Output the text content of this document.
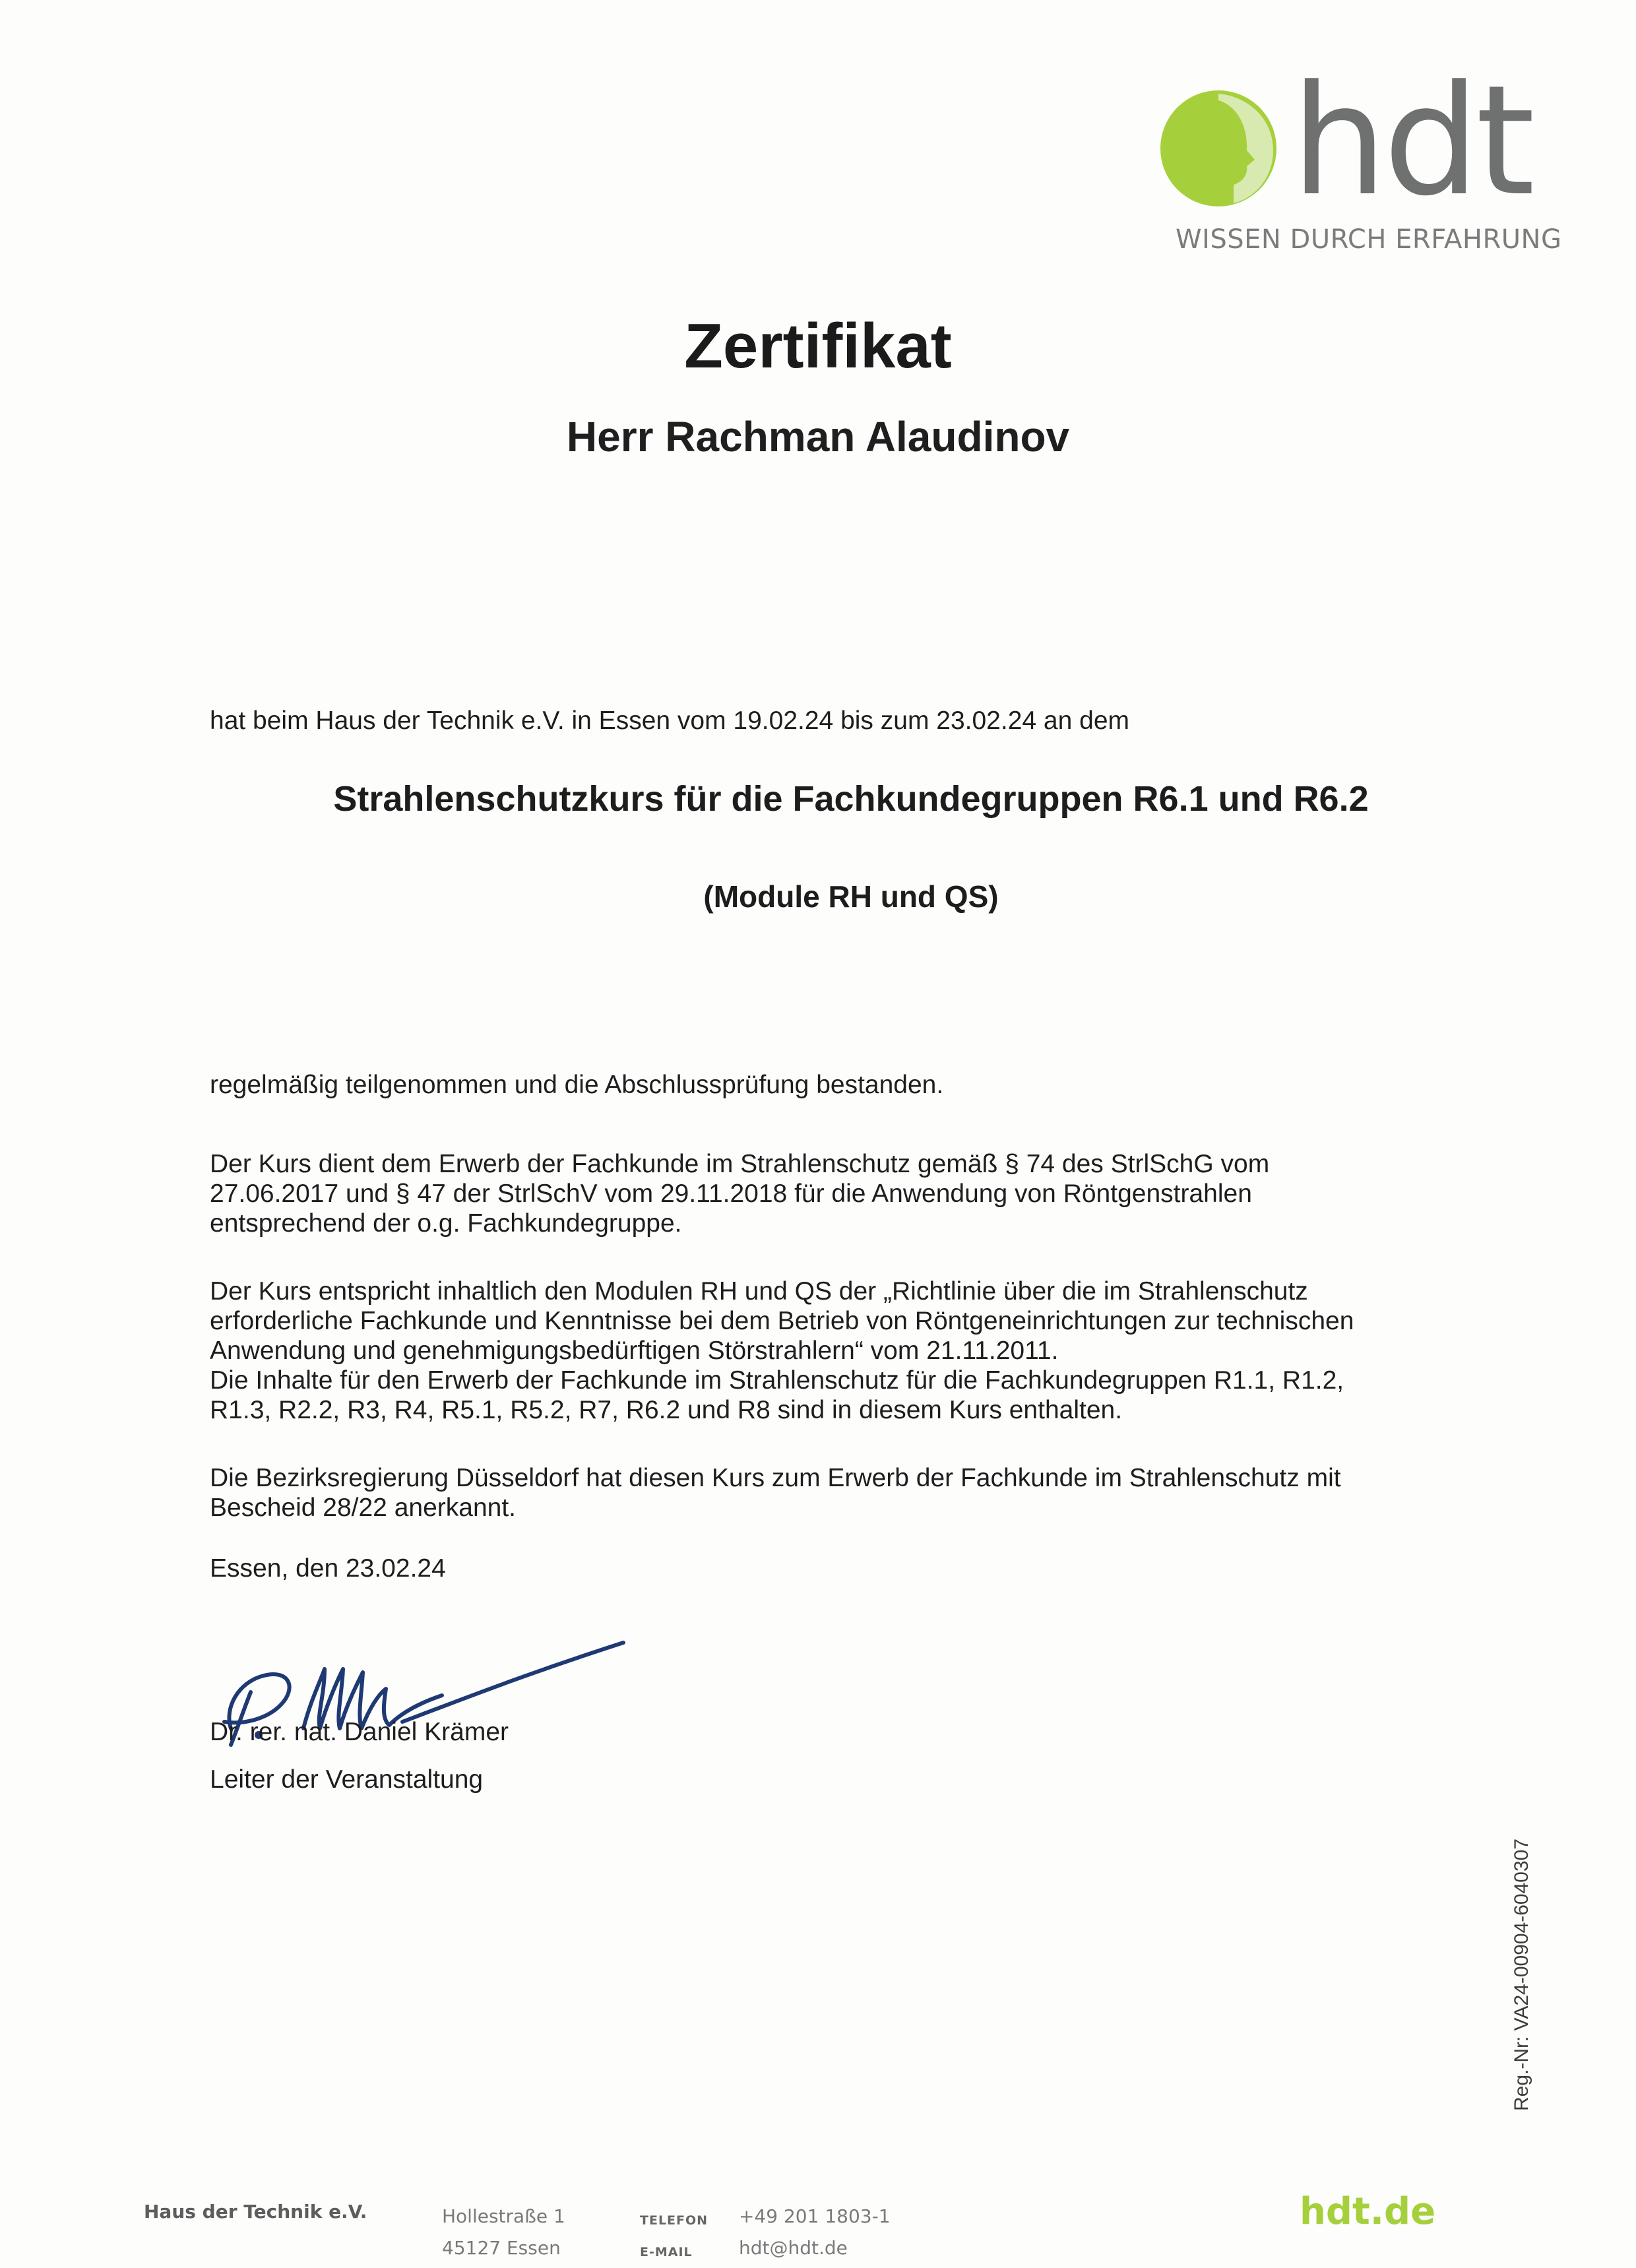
hdt
WISSEN DURCH ERFAHRUNG
Zertifikat
Herr Rachman Alaudinov
hat beim Haus der Technik e.V. in Essen vom 19.02.24 bis zum 23.02.24 an dem
Strahlenschutzkurs für die Fachkundegruppen R6.1 und R6.2
(Module RH und QS)
regelmäßig teilgenommen und die Abschlussprüfung bestanden.
Der Kurs dient dem Erwerb der Fachkunde im Strahlenschutz gemäß § 74 des StrlSchG vom
27.06.2017 und § 47 der StrlSchV vom 29.11.2018 für die Anwendung von Röntgenstrahlen
entsprechend der o.g. Fachkundegruppe.
Der Kurs entspricht inhaltlich den Modulen RH und QS der „Richtlinie über die im Strahlenschutz
erforderliche Fachkunde und Kenntnisse bei dem Betrieb von Röntgeneinrichtungen zur technischen
Anwendung und genehmigungsbedürftigen Störstrahlern“ vom 21.11.2011.
Die Inhalte für den Erwerb der Fachkunde im Strahlenschutz für die Fachkundegruppen R1.1, R1.2,
R1.3, R2.2, R3, R4, R5.1, R5.2, R7, R6.2 und R8 sind in diesem Kurs enthalten.
Die Bezirksregierung Düsseldorf hat diesen Kurs zum Erwerb der Fachkunde im Strahlenschutz mit
Bescheid 28/22 anerkannt.
Essen, den 23.02.24
Dr. rer. nat. Daniel Krämer
Leiter der Veranstaltung
Reg.-Nr: VA24-00904-6040307
Haus der Technik e.V.	Hollestraße 1
45127 Essen
TELEFON
E-MAIL
+49 201 1803-1
hdt@hdt.de
hdt.de
